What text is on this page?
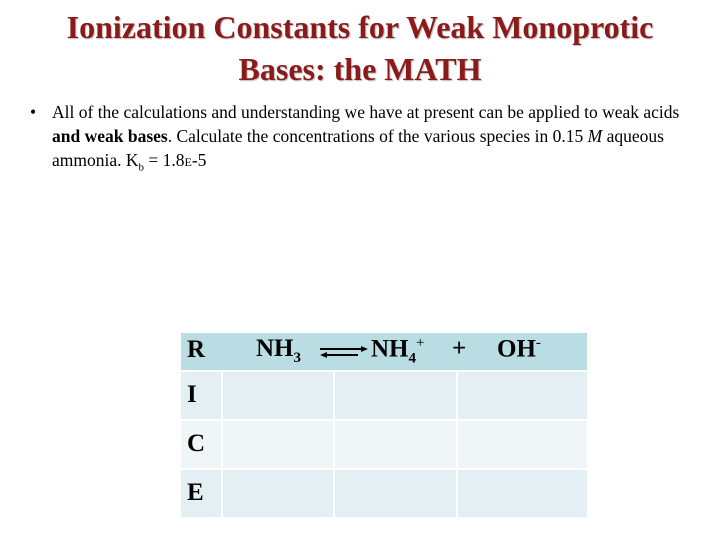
Ionization Constants for Weak Monoprotic
Bases: the MATH
• All of the calculations and understanding we have at present can be applied to weak acids and weak bases. Calculate the concentrations of the various species in 0.15 M aqueous ammonia. $K_b = 1.8E-5$
R $NH_3$ ⇌ $NH_4^+ + OH^-$
I
C
E
